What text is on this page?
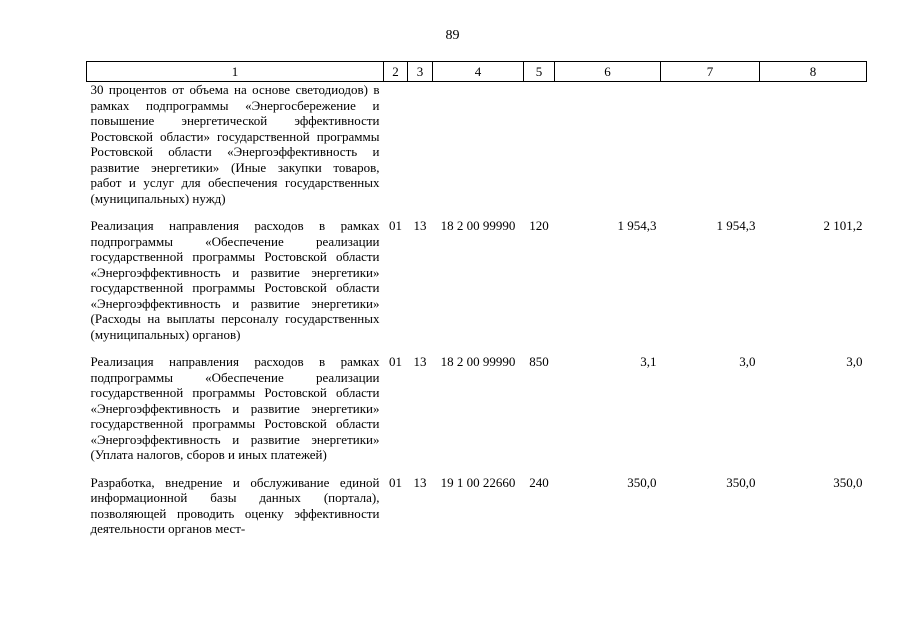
89
1	2	3	4	5	6	7	8
30 процентов от объема на основе светодиодов) в рамках подпрограммы «Энергосбережение и повышение энергетической эффективности Ростовской области» государственной программы Ростовской области «Энергоэффективность и развитие энергетики» (Иные закупки товаров, работ и услуг для обеспечения государственных (муниципальных) нужд)							

Реализация направления расходов в рамках подпрограммы «Обеспечение реализации государственной программы Ростовской области «Энергоэффективность и развитие энергетики» государственной программы Ростовской области «Энергоэффективность и развитие энергетики» (Расходы на выплаты персоналу государственных (муниципальных) органов)	01	13	18 2 00 99990	120	1 954,3	1 954,3	2 101,2

Реализация направления расходов в рамках подпрограммы «Обеспечение реализации государственной программы Ростовской области «Энергоэффективность и развитие энергетики» государственной программы Ростовской области «Энергоэффективность и развитие энергетики» (Уплата налогов, сборов и иных платежей)	01	13	18 2 00 99990	850	3,1	3,0	3,0

Разработка, внедрение и обслуживание единой информационной базы данных (портала), позволяющей проводить оценку эффективности деятельности органов мест-	01	13	19 1 00 22660	240	350,0	350,0	350,0
